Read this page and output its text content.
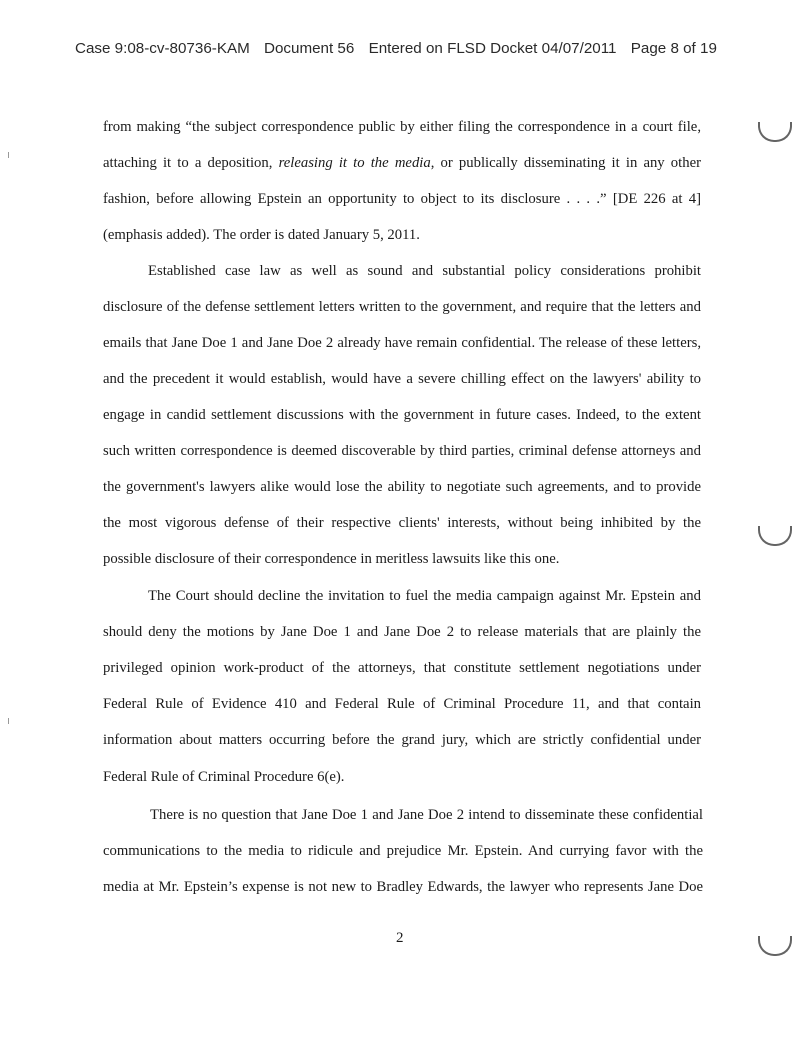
Case 9:08-cv-80736-KAM Document 56 Entered on FLSD Docket 04/07/2011 Page 8 of 19
from making “the subject correspondence public by either filing the correspondence in a court file,
attaching it to a deposition, releasing it to the media, or publically disseminating it in any other
fashion, before allowing Epstein an opportunity to object to its disclosure . . . .” [DE 226 at 4]
(emphasis added). The order is dated January 5, 2011.
Established case law as well as sound and substantial policy considerations prohibit
disclosure of the defense settlement letters written to the government, and require that the letters and
emails that Jane Doe 1 and Jane Doe 2 already have remain confidential. The release of these letters,
and the precedent it would establish, would have a severe chilling effect on the lawyers' ability to
engage in candid settlement discussions with the government in future cases. Indeed, to the extent
such written correspondence is deemed discoverable by third parties, criminal defense attorneys and
the government's lawyers alike would lose the ability to negotiate such agreements, and to provide
the most vigorous defense of their respective clients' interests, without being inhibited by the
possible disclosure of their correspondence in meritless lawsuits like this one.
The Court should decline the invitation to fuel the media campaign against Mr. Epstein and
should deny the motions by Jane Doe 1 and Jane Doe 2 to release materials that are plainly the
privileged opinion work-product of the attorneys, that constitute settlement negotiations under
Federal Rule of Evidence 410 and Federal Rule of Criminal Procedure 11, and that contain
information about matters occurring before the grand jury, which are strictly confidential under
Federal Rule of Criminal Procedure 6(e).
There is no question that Jane Doe 1 and Jane Doe 2 intend to disseminate these confidential
communications to the media to ridicule and prejudice Mr. Epstein. And currying favor with the
media at Mr. Epstein’s expense is not new to Bradley Edwards, the lawyer who represents Jane Doe
2
